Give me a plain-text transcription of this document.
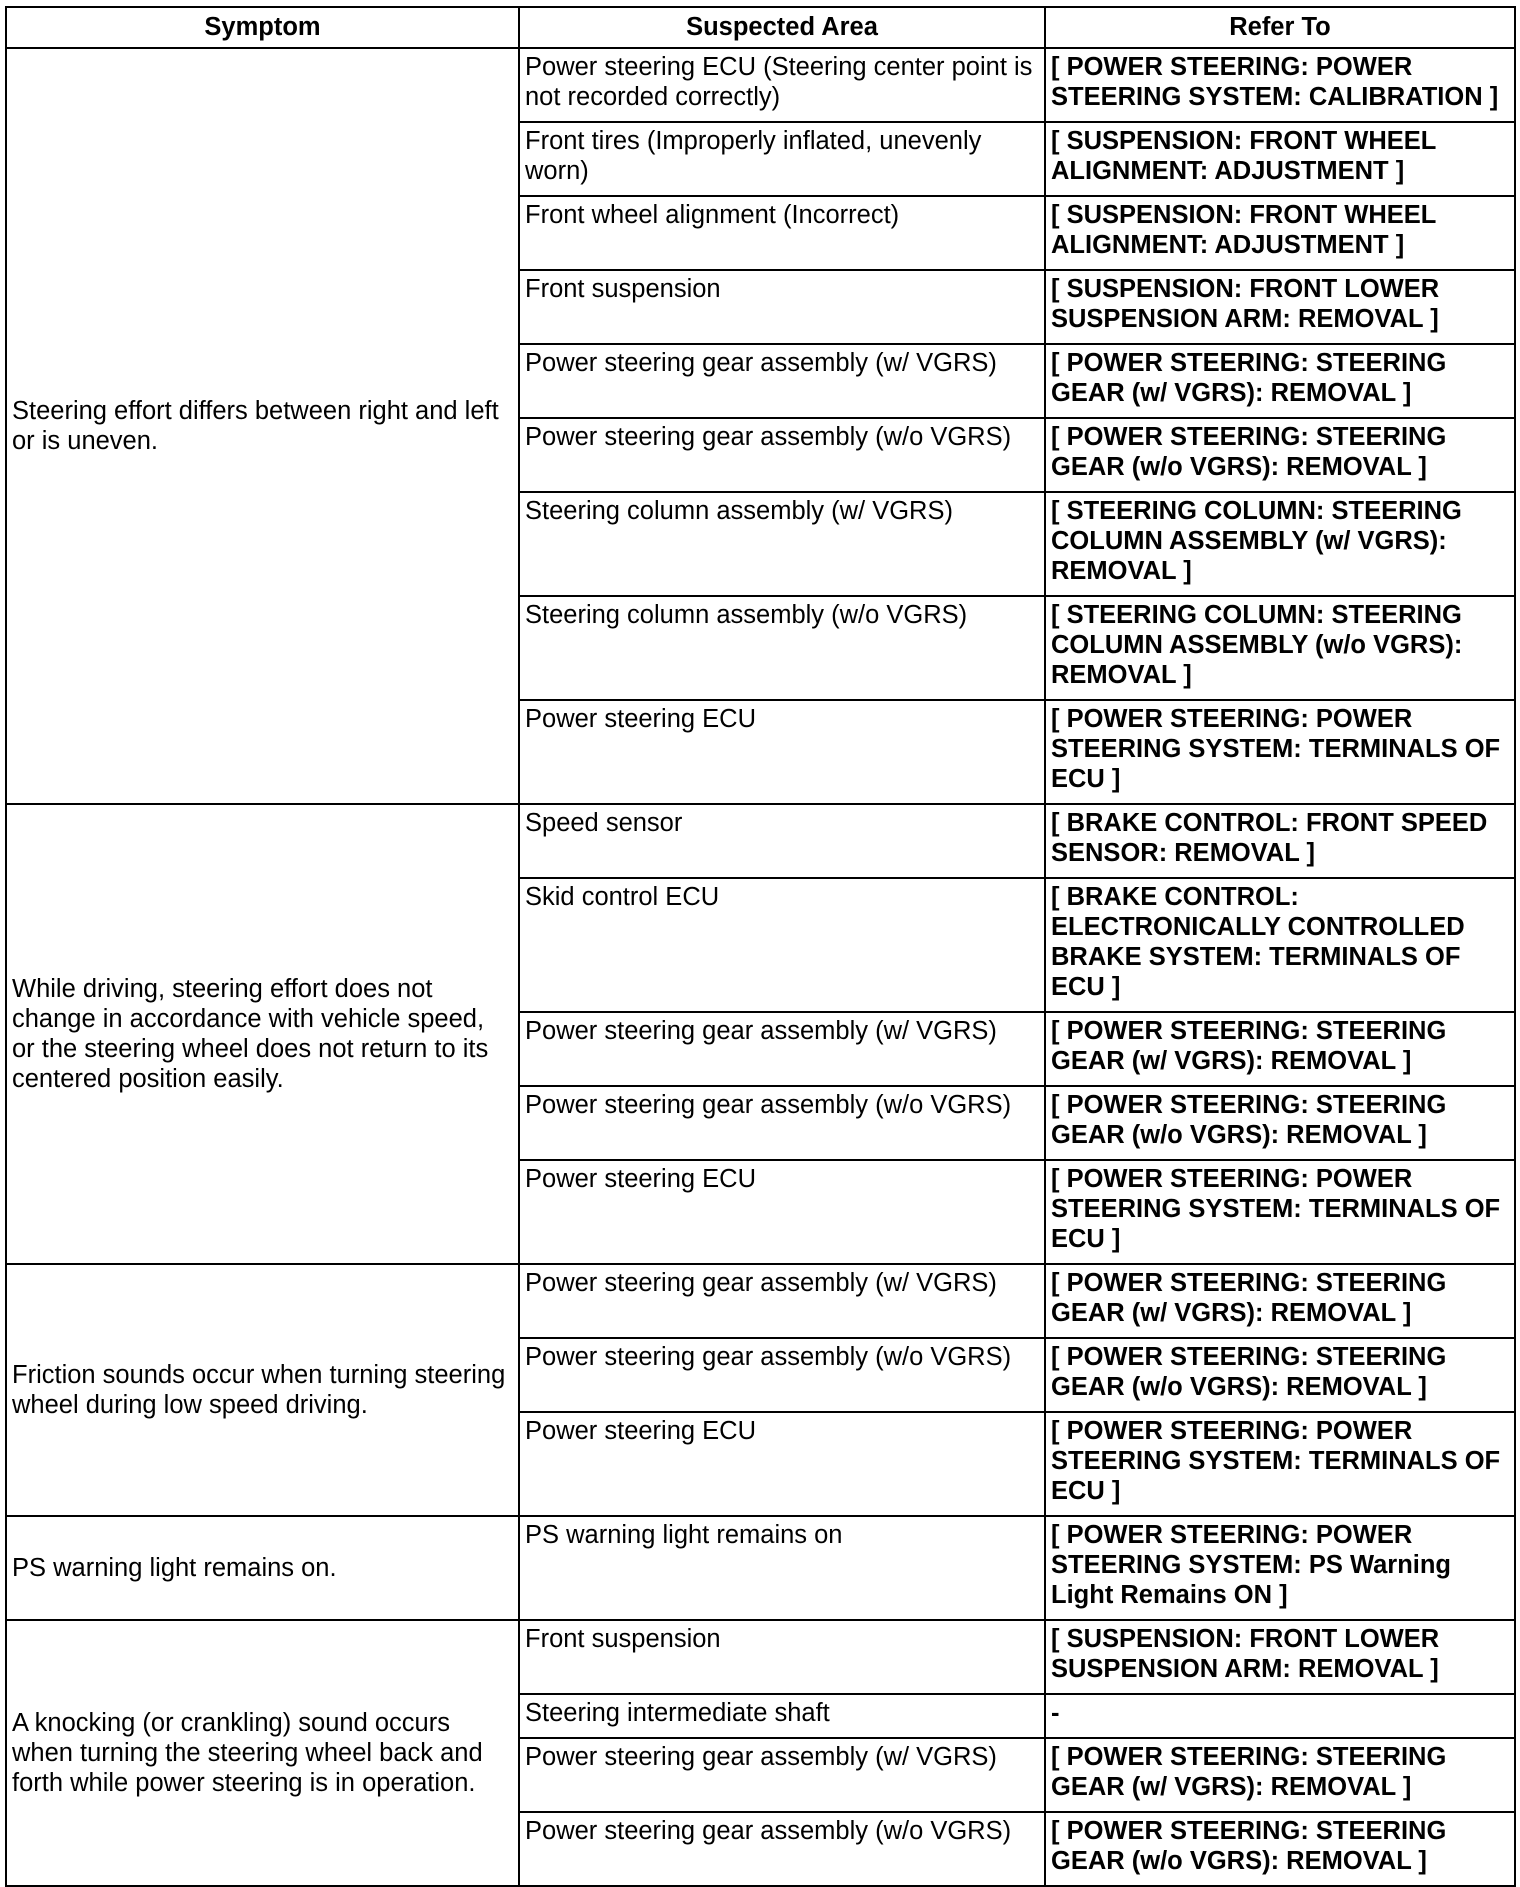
Symptom	Suspected Area	Refer To
Steering effort differs between right and left or is uneven.	Power steering ECU (Steering center point is not recorded correctly)	[ POWER STEERING: POWER STEERING SYSTEM: CALIBRATION ]
	Front tires (Improperly inflated, unevenly worn)	[ SUSPENSION: FRONT WHEEL ALIGNMENT: ADJUSTMENT ]
	Front wheel alignment (Incorrect)	[ SUSPENSION: FRONT WHEEL ALIGNMENT: ADJUSTMENT ]
	Front suspension	[ SUSPENSION: FRONT LOWER SUSPENSION ARM: REMOVAL ]
	Power steering gear assembly (w/ VGRS)	[ POWER STEERING: STEERING GEAR (w/ VGRS): REMOVAL ]
	Power steering gear assembly (w/o VGRS)	[ POWER STEERING: STEERING GEAR (w/o VGRS): REMOVAL ]
	Steering column assembly (w/ VGRS)	[ STEERING COLUMN: STEERING COLUMN ASSEMBLY (w/ VGRS): REMOVAL ]
	Steering column assembly (w/o VGRS)	[ STEERING COLUMN: STEERING COLUMN ASSEMBLY (w/o VGRS): REMOVAL ]
	Power steering ECU	[ POWER STEERING: POWER STEERING SYSTEM: TERMINALS OF ECU ]
While driving, steering effort does not change in accordance with vehicle speed, or the steering wheel does not return to its centered position easily.	Speed sensor	[ BRAKE CONTROL: FRONT SPEED SENSOR: REMOVAL ]
	Skid control ECU	[ BRAKE CONTROL: ELECTRONICALLY CONTROLLED BRAKE SYSTEM: TERMINALS OF ECU ]
	Power steering gear assembly (w/ VGRS)	[ POWER STEERING: STEERING GEAR (w/ VGRS): REMOVAL ]
	Power steering gear assembly (w/o VGRS)	[ POWER STEERING: STEERING GEAR (w/o VGRS): REMOVAL ]
	Power steering ECU	[ POWER STEERING: POWER STEERING SYSTEM: TERMINALS OF ECU ]
Friction sounds occur when turning steering wheel during low speed driving.	Power steering gear assembly (w/ VGRS)	[ POWER STEERING: STEERING GEAR (w/ VGRS): REMOVAL ]
	Power steering gear assembly (w/o VGRS)	[ POWER STEERING: STEERING GEAR (w/o VGRS): REMOVAL ]
	Power steering ECU	[ POWER STEERING: POWER STEERING SYSTEM: TERMINALS OF ECU ]
PS warning light remains on.	PS warning light remains on	[ POWER STEERING: POWER STEERING SYSTEM: PS Warning Light Remains ON ]
A knocking (or crankling) sound occurs when turning the steering wheel back and forth while power steering is in operation.	Front suspension	[ SUSPENSION: FRONT LOWER SUSPENSION ARM: REMOVAL ]
	Steering intermediate shaft	-
	Power steering gear assembly (w/ VGRS)	[ POWER STEERING: STEERING GEAR (w/ VGRS): REMOVAL ]
	Power steering gear assembly (w/o VGRS)	[ POWER STEERING: STEERING GEAR (w/o VGRS): REMOVAL ]
